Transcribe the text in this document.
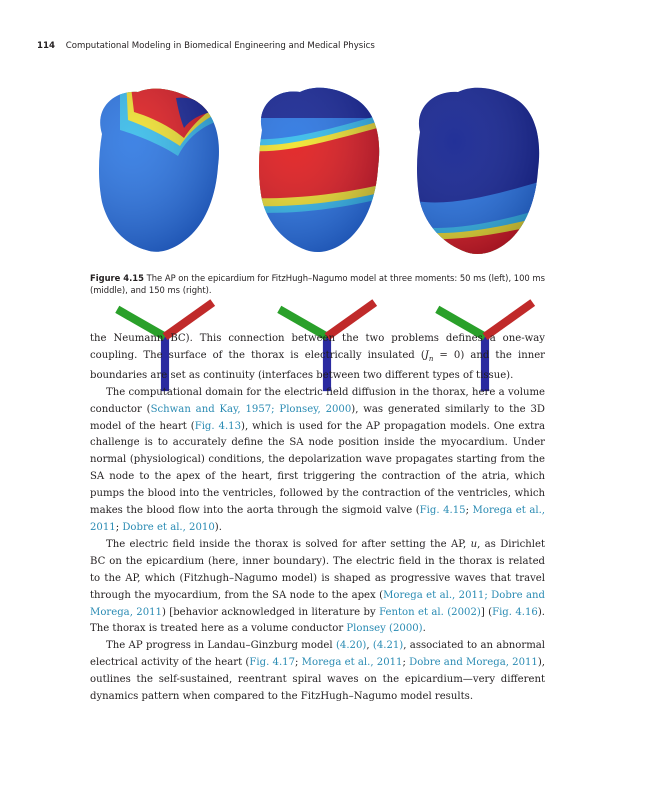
114 Computational Modeling in Biomedical Engineering and Medical Physics
Figure 4.15 The AP on the epicardium for FitzHugh–Nagumo model at three moments: 50 ms (left), 100 ms (middle), and 150 ms (right).

the Neumann BC). This connection between the two problems defines a one-way coupling. The surface of the thorax is electrically insulated $(J_n = 0)$ and the inner boundaries are set as continuity (interfaces between two different types of tissue).

The computational domain for the electric field diffusion in the thorax, here a volume conductor (Schwan and Kay, 1957; Plonsey, 2000), was generated similarly to the 3D model of the heart (Fig. 4.13), which is used for the AP propagation models. One extra challenge is to accurately define the SA node position inside the myocardium. Under normal (physiological) conditions, the depolarization wave propagates starting from the SA node to the apex of the heart, first triggering the contraction of the atria, which pumps the blood into the ventricles, followed by the contraction of the ventricles, which makes the blood flow into the aorta through the sigmoid valve (Fig. 4.15; Morega et al., 2011; Dobre et al., 2010).

The electric field inside the thorax is solved for after setting the AP, u, as Dirichlet BC on the epicardium (here, inner boundary). The electric field in the thorax is related to the AP, which (Fitzhugh–Nagumo model) is shaped as progressive waves that travel through the myocardium, from the SA node to the apex (Morega et al., 2011; Dobre and Morega, 2011) [behavior acknowledged in literature by Fenton et al. (2002)] (Fig. 4.16). The thorax is treated here as a volume conductor Plonsey (2000).

The AP progress in Landau–Ginzburg model (4.20), (4.21), associated to an abnormal electrical activity of the heart (Fig. 4.17; Morega et al., 2011; Dobre and Morega, 2011), outlines the self-sustained, reentrant spiral waves on the epicardium—very different dynamics pattern when compared to the FitzHugh–Nagumo model results.
